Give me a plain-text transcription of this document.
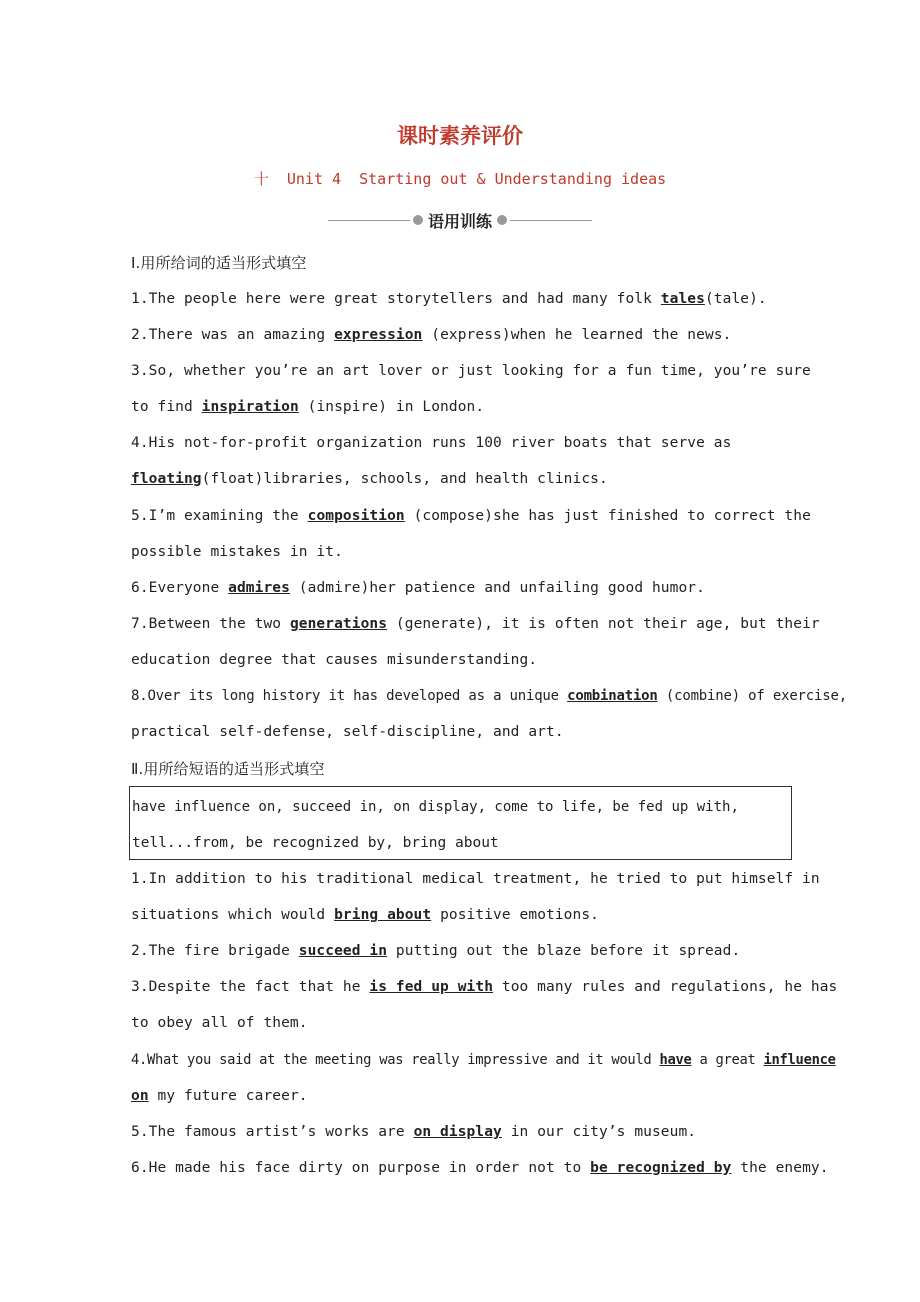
课时素养评价
十  Unit 4  Starting out & Understanding ideas
语用训练
Ⅰ.用所给词的适当形式填空
1.The people here were great storytellers and had many folk tales(tale).
2.There was an amazing expression (express)when he learned the news.
3.So, whether you’re an art lover or just looking for a fun time, you’re sure
to find inspiration (inspire) in London.
4.His not-for-profit organization runs 100 river boats that serve as
floating(float)libraries, schools, and health clinics.
5.I’m examining the composition (compose)she has just finished to correct the
possible mistakes in it.
6.Everyone admires (admire)her patience and unfailing good humor.
7.Between the two generations (generate), it is often not their age, but their
education degree that causes misunderstanding.
8.Over its long history it has developed as a unique combination (combine) of exercise,
practical self-defense, self-discipline, and art.
Ⅱ.用所给短语的适当形式填空
have influence on, succeed in, on display, come to life, be fed up with,
tell...from, be recognized by, bring about
1.In addition to his traditional medical treatment, he tried to put himself in
situations which would bring about positive emotions.
2.The fire brigade succeed in putting out the blaze before it spread.
3.Despite the fact that he is fed up with too many rules and regulations, he has
to obey all of them.
4.What you said at the meeting was really impressive and it would have a great influence
on my future career.
5.The famous artist’s works are on display in our city’s museum.
6.He made his face dirty on purpose in order not to be recognized by the enemy.
